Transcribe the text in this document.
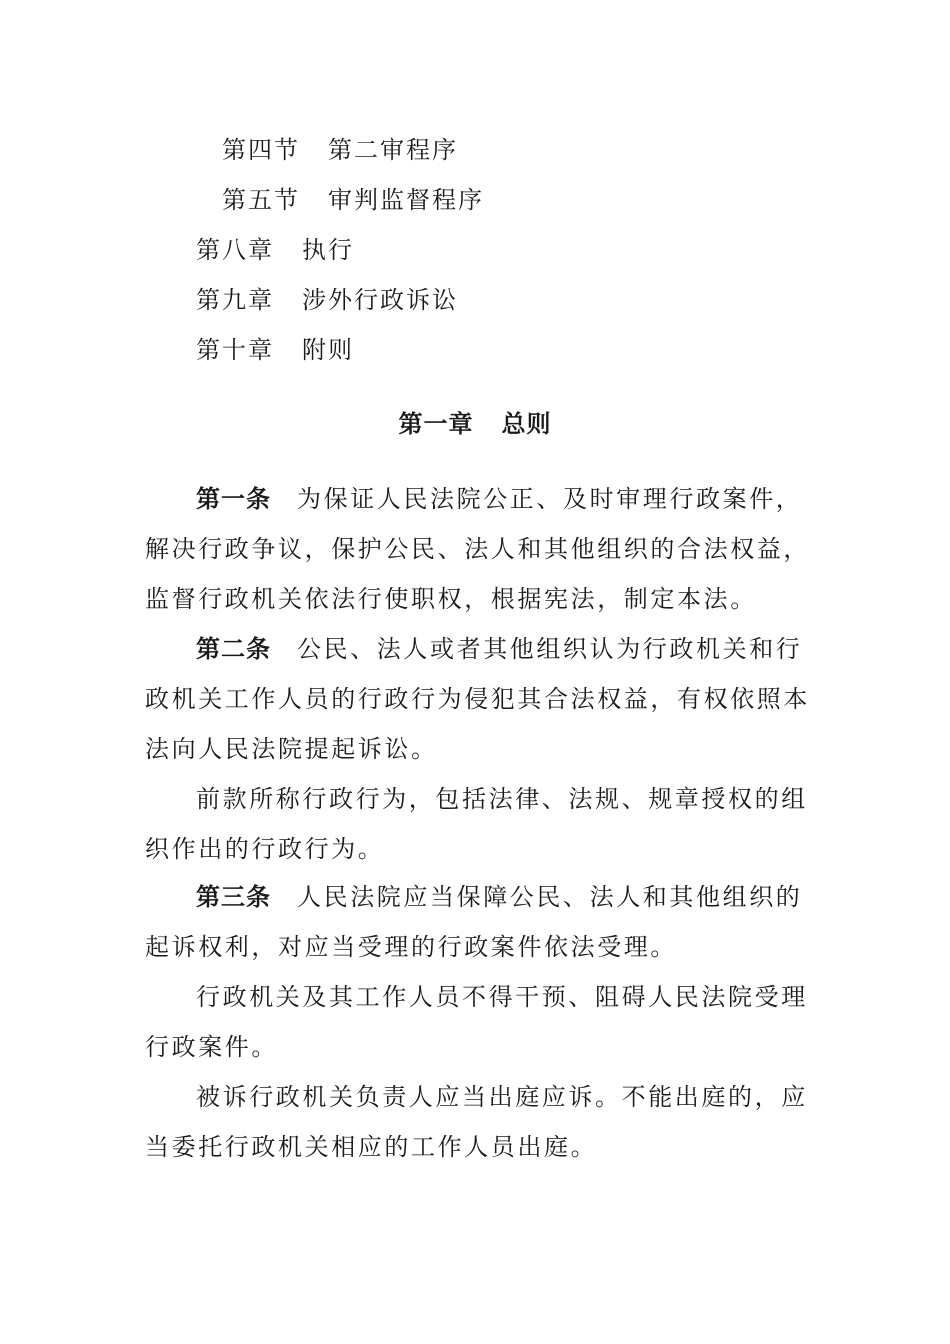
第四节 第二审程序
第五节 审判监督程序
第八章 执行
第九章 涉外行政诉讼
第十章 附则
第一章 总则
第一条 为保证人民法院公正、及时审理行政案件，
解决行政争议，保护公民、法人和其他组织的合法权益，
监督行政机关依法行使职权，根据宪法，制定本法。
第二条 公民、法人或者其他组织认为行政机关和行
政机关工作人员的行政行为侵犯其合法权益，有权依照本
法向人民法院提起诉讼。
前款所称行政行为，包括法律、法规、规章授权的组
织作出的行政行为。
第三条 人民法院应当保障公民、法人和其他组织的
起诉权利，对应当受理的行政案件依法受理。
行政机关及其工作人员不得干预、阻碍人民法院受理
行政案件。
被诉行政机关负责人应当出庭应诉。不能出庭的，应
当委托行政机关相应的工作人员出庭。
